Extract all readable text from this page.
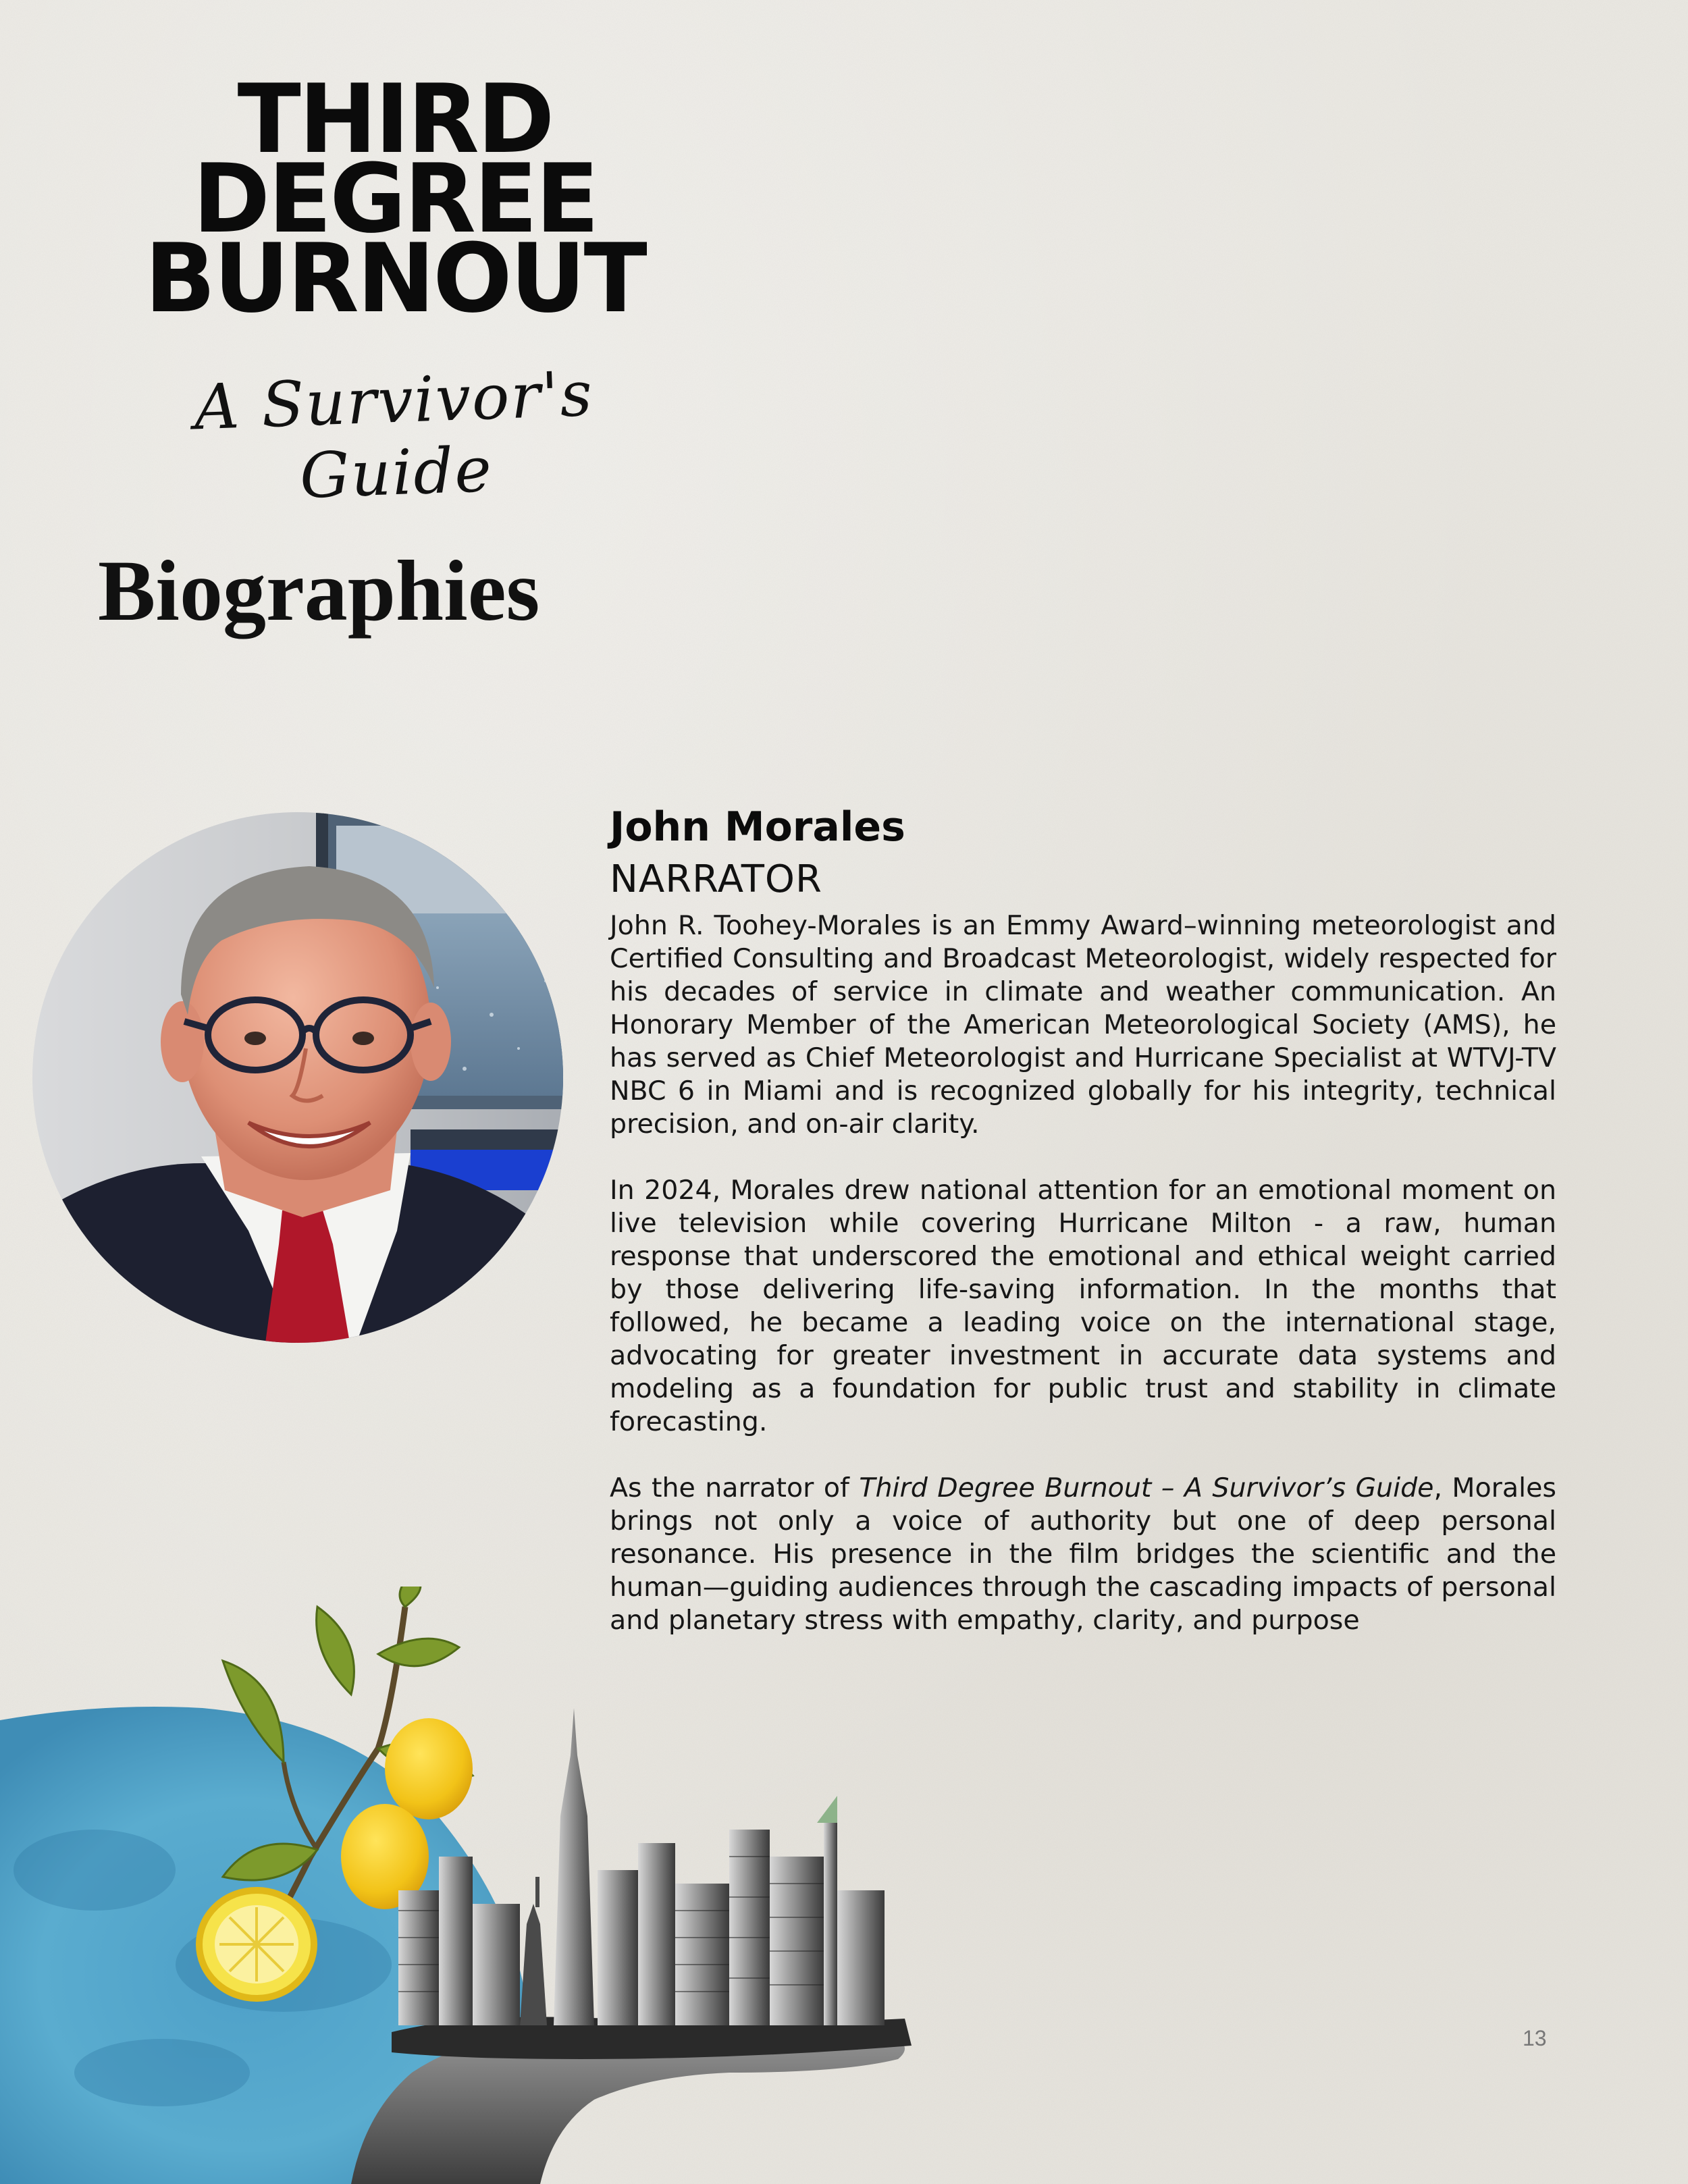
THIRD
DEGREE
BURNOUT
A Survivor's Guide
Biographies

John Morales

NARRATOR

John R. Toohey-Morales is an Emmy Award–winning meteorologist and Certified Consulting and Broadcast Meteorologist, widely respected for his decades of service in climate and weather communication. An Honorary Member of the American Meteorological Society (AMS), he has served as Chief Meteorologist and Hurricane Specialist at WTVJ-TV NBC 6 in Miami and is recognized globally for his integrity, technical precision, and on-air clarity.

In 2024, Morales drew national attention for an emotional moment on live television while covering Hurricane Milton - a raw, human response that underscored the emotional and ethical weight carried by those delivering life-saving information. In the months that followed, he became a leading voice on the international stage, advocating for greater investment in accurate data systems and modeling as a foundation for public trust and stability in climate forecasting.

As the narrator of Third Degree Burnout – A Survivor’s Guide, Morales brings not only a voice of authority but one of deep personal resonance. His presence in the film bridges the scientific and the human—guiding audiences through the cascading impacts of personal and planetary stress with empathy, clarity, and purpose

13
